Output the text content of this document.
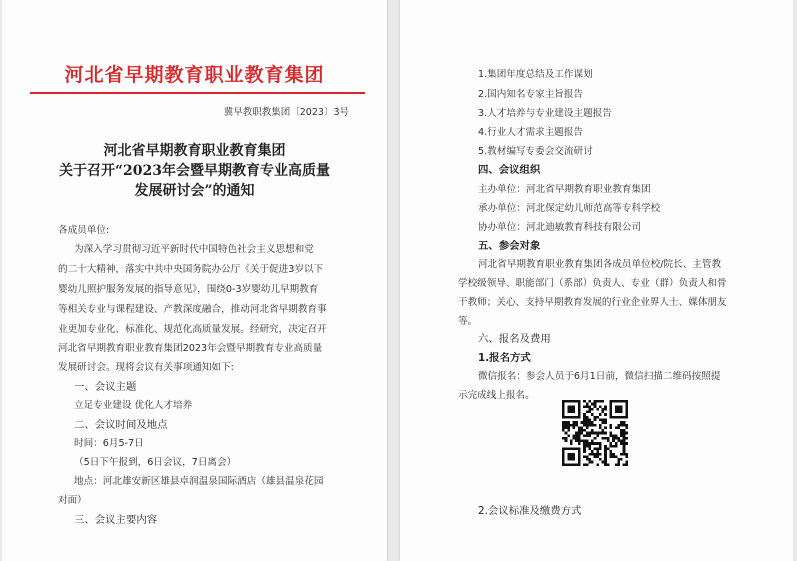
河北省早期教育职业教育集团
冀早教职教集团〔2023〕3号
河北省早期教育职业教育集团
关于召开“2023年会暨早期教育专业高质量
发展研讨会”的通知
各成员单位:
为深入学习贯彻习近平新时代中国特色社会主义思想和党
的二十大精神，落实中共中央国务院办公厅《关于促进3岁以下
婴幼儿照护服务发展的指导意见》，围绕0-3岁婴幼儿早期教育
等相关专业与课程建设、产教深度融合，推动河北省早期教育事
业更加专业化、标准化、规范化高质量发展。经研究，决定召开
河北省早期教育职业教育集团2023年会暨早期教育专业高质量
发展研讨会。现将会议有关事项通知如下:
一、会议主题
立足专业建设 优化人才培养
二、会议时间及地点
时间：6月5-7日
（5日下午报到，6日会议，7日离会）
地点：河北雄安新区雄县卓润温泉国际酒店（雄县温泉花园
对面）
三、会议主要内容
1.集团年度总结及工作谋划
2.国内知名专家主旨报告
3.人才培养与专业建设主题报告
4.行业人才需求主题报告
5.教材编写专委会交流研讨
四、会议组织
主办单位：河北省早期教育职业教育集团
承办单位：河北保定幼儿师范高等专科学校
协办单位：河北迪敏教育科技有限公司
五、参会对象
河北省早期教育职业教育集团各成员单位校/院长、主管教
学校级领导、职能部门（系部）负责人、专业（群）负责人和骨
干教师；关心、支持早期教育发展的行业企业界人士、媒体朋友
等。
六、报名及费用
1.报名方式
微信报名：参会人员于6月1日前，微信扫描二维码按照提
示完成线上报名。
2.会议标准及缴费方式
